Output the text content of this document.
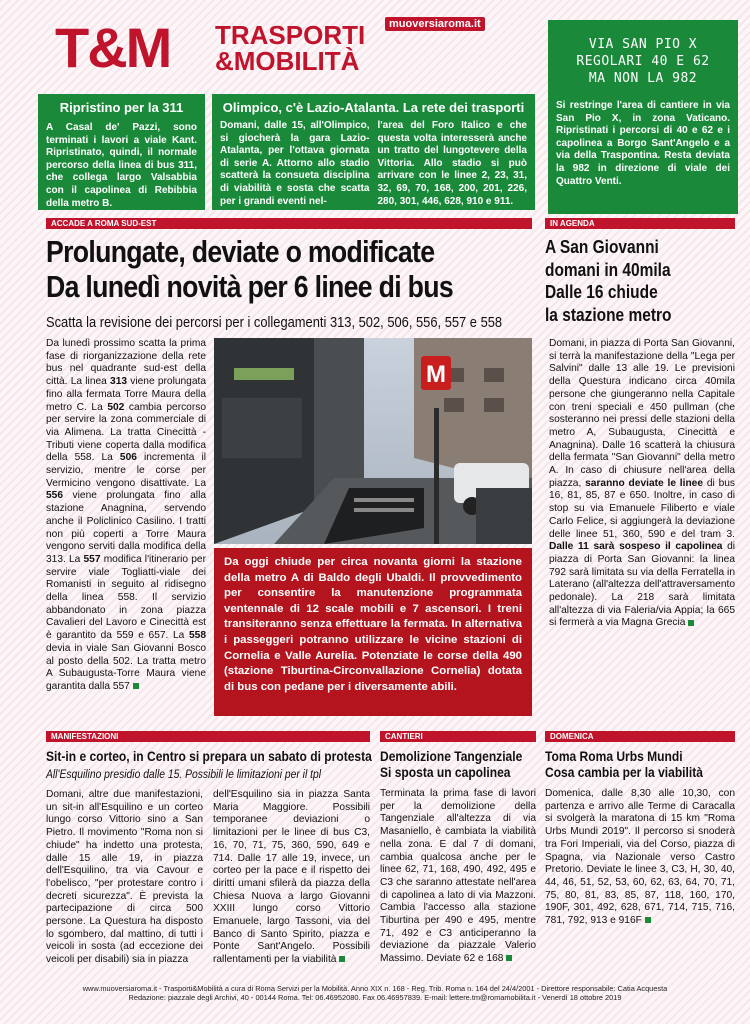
T&M TRASPORTI
&MOBILITÀ
muoversiaroma.it
VIA SAN PIO X
REGOLARI 40 E 62
MA NON LA 982
Ripristino per la 311
A Casal de' Pazzi, sono terminati i lavori a viale Kant. Ripristinato, quindi, il normale percorso della linea di bus 311, che collega largo Valsabbia con il capolinea di Rebibbia della metro B.
Olimpico, c'è Lazio-Atalanta. La rete dei trasporti
Domani, dalle 15, all'Olimpico, si giocherà la gara Lazio-Atalanta, per l'ottava giornata di serie A. Attorno allo stadio scatterà la consueta disciplina di viabilità e sosta che scatta per i grandi eventi nel-
l'area del Foro Italico e che questa volta interesserà anche un tratto del lungotevere della Vittoria. Allo stadio si può arrivare con le linee 2, 23, 31, 32, 69, 70, 168, 200, 201, 226, 280, 301, 446, 628, 910 e 911.
Si restringe l'area di cantiere in via San Pio X, in zona Vaticano. Ripristinati i percorsi di 40 e 62 e i capolinea a Borgo Sant'Angelo e a via della Traspontina. Resta deviata la 982 in direzione di viale dei Quattro Venti.
ACCADE A ROMA SUD-EST
Prolungate, deviate o modificate
Da lunedì novità per 6 linee di bus
Scatta la revisione dei percorsi per i collegamenti 313, 502, 506, 556, 557 e 558
Da lunedì prossimo scatta la prima fase di riorganizzazione della rete bus nel quadrante sud-est della città. La linea 313 viene prolungata fino alla fermata Torre Maura della metro C. La 502 cambia percorso per servire la zona commerciale di via Alimena. La tratta Cinecittà -Tributi viene coperta dalla modifica della 558. La 506 incrementa il servizio, mentre le corse per Vermicino vengono disattivate. La 556 viene prolungata fino alla stazione Anagnina, servendo anche il Policlinico Casilino. I tratti non più coperti a Torre Maura vengono serviti dalla modifica della 313. La 557 modifica l'itinerario per servire viale Togliatti-viale dei Romanisti in seguito al ridisegno della linea 558. Il servizio abbandonato in zona piazza Cavalieri del Lavoro e Cinecittà est è garantito da 559 e 657. La 558 devia in viale San Giovanni Bosco al posto della 502. La tratta metro A Subaugusta-Torre Maura viene garantita dalla 557
M
Da oggi chiude per circa novanta giorni la stazione della metro A di Baldo degli Ubaldi. Il provvedimento per consentire la manutenzione programmata ventennale di 12 scale mobili e 7 ascensori. I treni transiteranno senza effettuare la fermata. In alternativa i passeggeri potranno utilizzare le vicine stazioni di Cornelia e Valle Aurelia. Potenziate le corse della 490 (stazione Tiburtina-Circonvallazione Cornelia) dotata di bus con pedane per i diversamente abili.
IN AGENDA
A San Giovanni
domani in 40mila
Dalle 16 chiude
la stazione metro
Domani, in piazza di Porta San Giovanni, si terrà la manifestazione della "Lega per Salvini" dalle 13 alle 19. Le previsioni della Questura indicano circa 40mila persone che giungeranno nella Capitale con treni speciali e 450 pullman (che sosteranno nei pressi delle stazioni della metro A, Subaugusta, Cinecittà e Anagnina). Dalle 16 scatterà la chiusura della fermata "San Giovanni" della metro A. In caso di chiusure nell'area della piazza, saranno deviate le linee di bus 16, 81, 85, 87 e 650. Inoltre, in caso di stop su via Emanuele Filiberto e viale Carlo Felice, si aggiungerà la deviazione delle linee 51, 360, 590 e del tram 3. Dalle 11 sarà sospeso il capolinea di piazza di Porta San Giovanni: la linea 792 sarà limitata su via della Ferratella in Laterano (all'altezza dell'attraversamento pedonale). La 218 sarà limitata all'altezza di via Faleria/via Appia; la 665 si fermerà a via Magna Grecia
MANIFESTAZIONI
Sit-in e corteo, in Centro si prepara un sabato di protesta
All'Esquilino presidio dalle 15. Possibili le limitazioni per il tpl
Domani, altre due manifestazioni, un sit-in all'Esquilino e un corteo lungo corso Vittorio sino a San Pietro. Il movimento "Roma non si chiude" ha indetto una protesta, dalle 15 alle 19, in piazza dell'Esquilino, tra via Cavour e l'obelisco, "per protestare contro i decreti sicurezza". È prevista la partecipazione di circa 500 persone. La Questura ha disposto lo sgombero, dal mattino, di tutti i veicoli in sosta (ad eccezione dei veicoli per disabili) sia in piazza
dell'Esquilino sia in piazza Santa Maria Maggiore. Possibili temporanee deviazioni o limitazioni per le linee di bus C3, 16, 70, 71, 75, 360, 590, 649 e 714. Dalle 17 alle 19, invece, un corteo per la pace e il rispetto dei diritti umani sfilerà da piazza della Chiesa Nuova a largo Giovanni XXIII lungo corso Vittorio Emanuele, largo Tassoni, via del Banco di Santo Spirito, piazza e Ponte Sant'Angelo. Possibili rallentamenti per la viabilità
CANTIERI
Demolizione Tangenziale
Si sposta un capolinea
Terminata la prima fase di lavori per la demolizione della Tangenziale all'altezza di via Masaniello, è cambiata la viabilità nella zona. E dal 7 di domani, cambia qualcosa anche per le linee 62, 71, 168, 490, 492, 495 e C3 che saranno attestate nell'area di capolinea a lato di via Mazzoni. Cambia l'accesso alla stazione Tiburtina per 490 e 495, mentre 71, 492 e C3 anticiperanno la deviazione da piazzale Valerio Massimo. Deviate 62 e 168
DOMENICA
Toma Roma Urbs Mundi
Cosa cambia per la viabilità
Domenica, dalle 8,30 alle 10,30, con partenza e arrivo alle Terme di Caracalla si svolgerà la maratona di 15 km "Roma Urbs Mundi 2019". Il percorso si snoderà tra Fori Imperiali, via del Corso, piazza di Spagna, via Nazionale verso Castro Pretorio. Deviate le linee 3, C3, H, 30, 40, 44, 46, 51, 52, 53, 60, 62, 63, 64, 70, 71, 75, 80, 81, 83, 85, 87, 118, 160, 170, 190F, 301, 492, 628, 671, 714, 715, 716, 781, 792, 913 e 916F
www.muoversiaroma.it - Trasporti&Mobilità a cura di Roma Servizi per la Mobilità. Anno XIX n. 168 - Reg. Trib. Roma n. 164 del 24/4/2001 - Direttore responsabile: Catia Acquesta
Redazione: piazzale degli Archivi, 40 - 00144 Roma. Tel: 06.46952080. Fax 06.46957839. E-mail: lettere.tm@romamobilita.it - Venerdì 18 ottobre 2019
